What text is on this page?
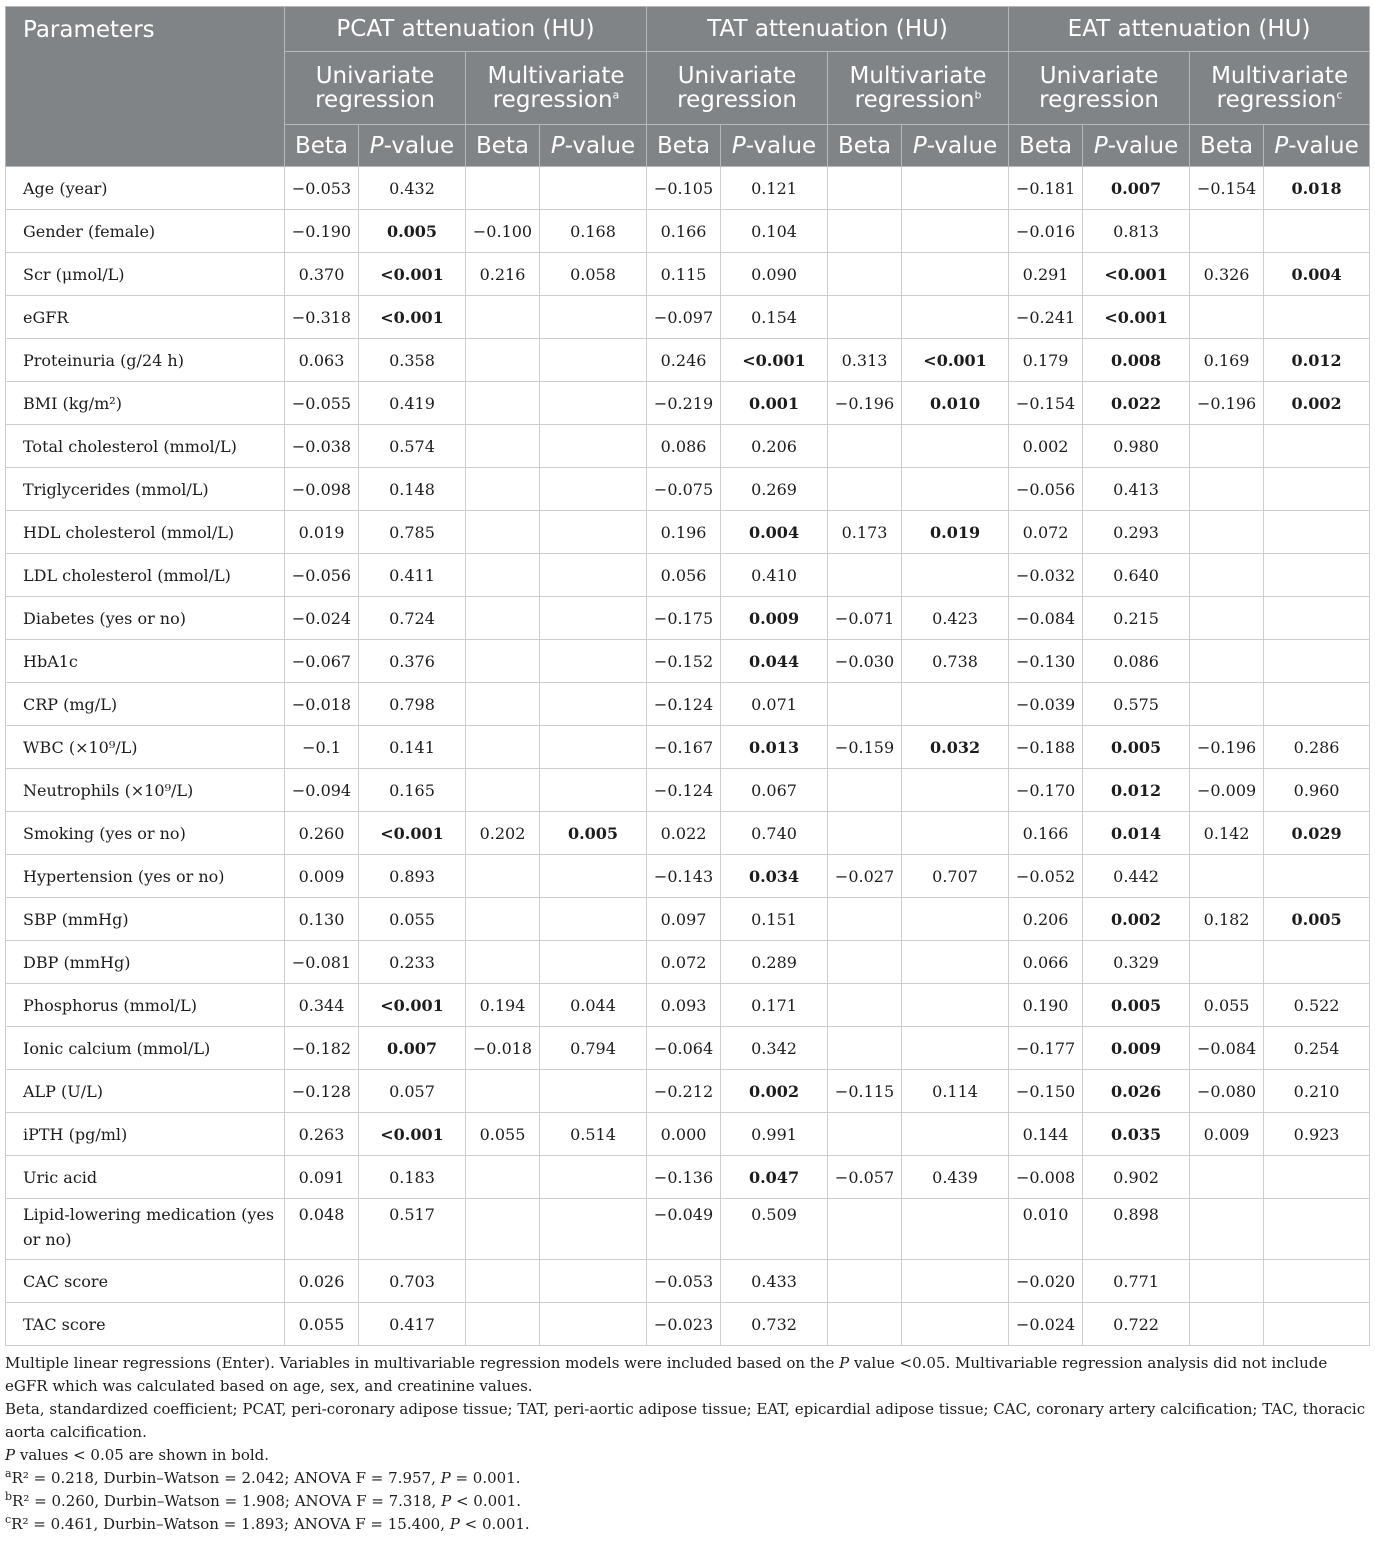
Parameters	PCAT attenuation (HU)				TAT attenuation (HU)				EAT attenuation (HU)			
	Univariate regression		Multivariate regression$^a$		Univariate regression		Multivariate regression$^b$		Univariate regression		Multivariate regression$^c$
	Beta	P-value	Beta	P-value	Beta	P-value	Beta	P-value	Beta	P-value	Beta	P-value
Age (year)	−0.053	0.432			−0.105	0.121			−0.181	0.007	−0.154	0.018
Gender (female)	−0.190	0.005	−0.100	0.168	0.166	0.104			−0.016	0.813		
Scr (μmol/L)	0.370	<0.001	0.216	0.058	0.115	0.090			0.291	<0.001	0.326	0.004
eGFR	−0.318	<0.001			−0.097	0.154			−0.241	<0.001		
Proteinuria (g/24 h)	0.063	0.358			0.246	<0.001	0.313	<0.001	0.179	0.008	0.169	0.012
BMI (kg/m²)	−0.055	0.419			−0.219	0.001	−0.196	0.010	−0.154	0.022	−0.196	0.002
Total cholesterol (mmol/L)	−0.038	0.574			0.086	0.206			0.002	0.980		
Triglycerides (mmol/L)	−0.098	0.148			−0.075	0.269			−0.056	0.413		
HDL cholesterol (mmol/L)	0.019	0.785			0.196	0.004	0.173	0.019	0.072	0.293		
LDL cholesterol (mmol/L)	−0.056	0.411			0.056	0.410			−0.032	0.640		
Diabetes (yes or no)	−0.024	0.724			−0.175	0.009	−0.071	0.423	−0.084	0.215		
HbA1c	−0.067	0.376			−0.152	0.044	−0.030	0.738	−0.130	0.086		
CRP (mg/L)	−0.018	0.798			−0.124	0.071			−0.039	0.575		
WBC (×10⁹/L)	−0.1	0.141			−0.167	0.013	−0.159	0.032	−0.188	0.005	−0.196	0.286
Neutrophils (×10⁹/L)	−0.094	0.165			−0.124	0.067			−0.170	0.012	−0.009	0.960
Smoking (yes or no)	0.260	<0.001	0.202	0.005	0.022	0.740			0.166	0.014	0.142	0.029
Hypertension (yes or no)	0.009	0.893			−0.143	0.034	−0.027	0.707	−0.052	0.442		
SBP (mmHg)	0.130	0.055			0.097	0.151			0.206	0.002	0.182	0.005
DBP (mmHg)	−0.081	0.233			0.072	0.289			0.066	0.329		
Phosphorus (mmol/L)	0.344	<0.001	0.194	0.044	0.093	0.171			0.190	0.005	0.055	0.522
Ionic calcium (mmol/L)	−0.182	0.007	−0.018	0.794	−0.064	0.342			−0.177	0.009	−0.084	0.254
ALP (U/L)	−0.128	0.057			−0.212	0.002	−0.115	0.114	−0.150	0.026	−0.080	0.210
iPTH (pg/ml)	0.263	<0.001	0.055	0.514	0.000	0.991			0.144	0.035	0.009	0.923
Uric acid	0.091	0.183			−0.136	0.047	−0.057	0.439	−0.008	0.902		
Lipid-lowering medication (yes or no)	0.048	0.517			−0.049	0.509			0.010	0.898		
CAC score	0.026	0.703			−0.053	0.433			−0.020	0.771		
TAC score	0.055	0.417			−0.023	0.732			−0.024	0.722		

Multiple linear regressions (Enter). Variables in multivariable regression models were included based on the P value <0.05. Multivariable regression analysis did not include eGFR which was calculated based on age, sex, and creatinine values.

Beta, standardized coefficient; PCAT, peri-coronary adipose tissue; TAT, peri-aortic adipose tissue; EAT, epicardial adipose tissue; CAC, coronary artery calcification; TAC, thoracic aorta calcification.

P values < 0.05 are shown in bold.

$^a$R² = 0.218, Durbin–Watson = 2.042; ANOVA F = 7.957, P = 0.001.

$^b$R² = 0.260, Durbin–Watson = 1.908; ANOVA F = 7.318, P < 0.001.

$^c$R² = 0.461, Durbin–Watson = 1.893; ANOVA F = 15.400, P < 0.001.
